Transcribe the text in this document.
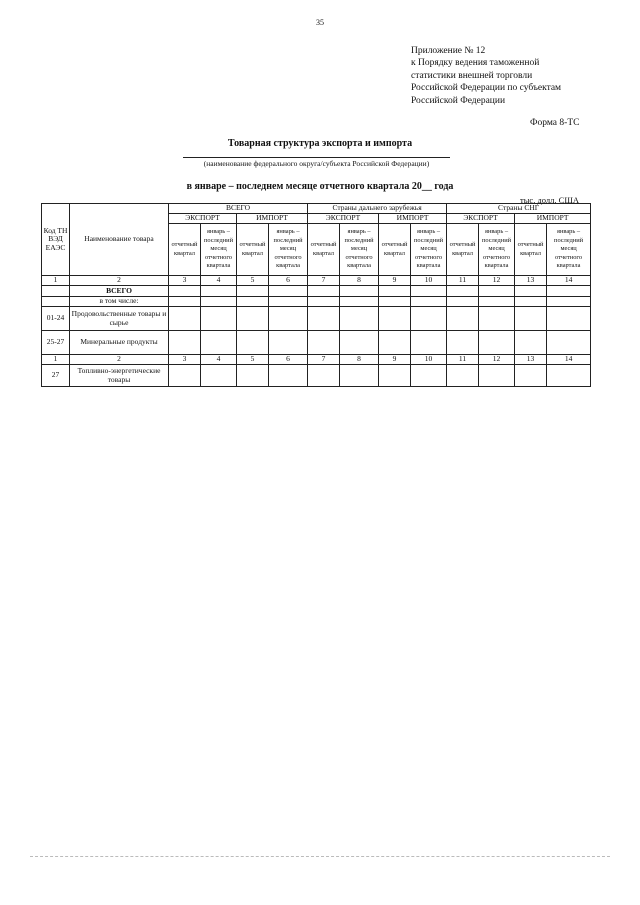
35
Приложение № 12
к Порядку ведения таможенной
статистики внешней торговли
Российской Федерации по субъектам
Российской Федерации
Форма 8-ТС
Товарная структура экспорта и импорта
(наименование федерального округа/субъекта Российской Федерации)
в январе – последнем месяце отчетного квартала 20__ года
тыс. долл. США
Код ТН ВЭД ЕАЭС	Наименование товара	ВСЕГО				Страны дальнего зарубежья				Страны СНГ			
		ЭКСПОРТ		ИМПОРТ		ЭКСПОРТ		ИМПОРТ		ЭКСПОРТ		ИМПОРТ	
		отчетный квартал	январь – последний месяц отчетного квартала	отчетный квартал	январь – последний месяц отчетного квартала	отчетный квартал	январь – последний месяц отчетного квартала	отчетный квартал	январь – последний месяц отчетного квартала	отчетный квартал	январь – последний месяц отчетного квартала	отчетный квартал	январь – последний месяц отчетного квартала
1	2	3	4	5	6	7	8	9	10	11	12	13	14
	ВСЕГО												
	в том числе:												
01-24	Продовольственные товары и сырье												
25-27	Минеральные продукты												
1	2	3	4	5	6	7	8	9	10	11	12	13	14
27	Топливно-энергетические товары												
